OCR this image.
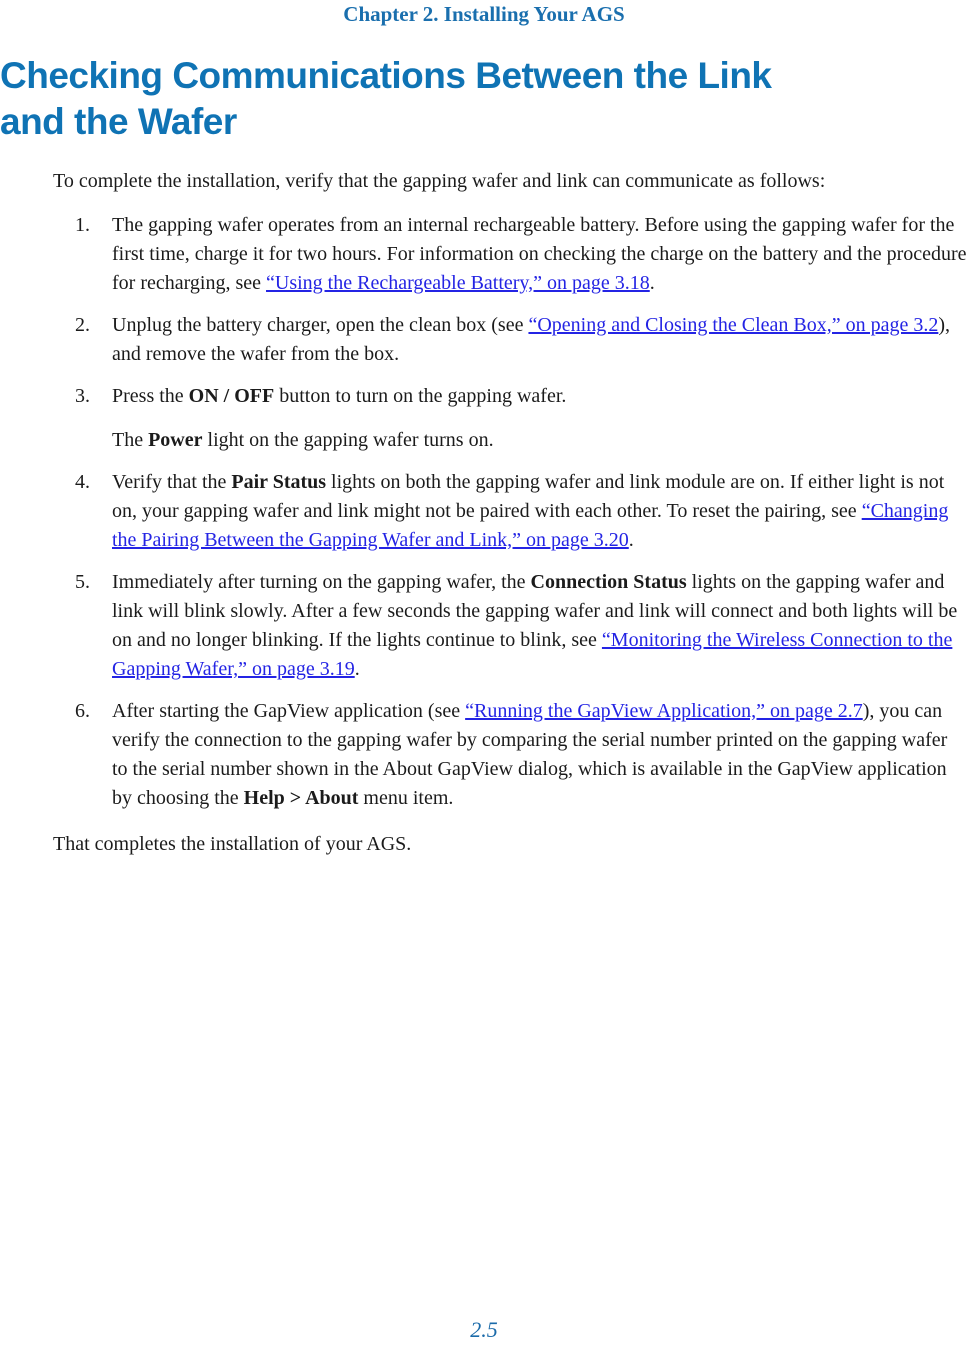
Chapter 2. Installing Your AGS
Checking Communications Between the Link
and the Wafer

To complete the installation, verify that the gapping wafer and link can communicate as follows:

1.	The gapping wafer operates from an internal rechargeable battery. Before using the gapping wafer for the first time, charge it for two hours. For information on checking the charge on the battery and the procedure for recharging, see “Using the Rechargeable Battery,” on page 3.18.

2.	Unplug the battery charger, open the clean box (see “Opening and Closing the Clean Box,” on page 3.2), and remove the wafer from the box.

3.	Press the ON / OFF button to turn on the gapping wafer.

The Power light on the gapping wafer turns on.

4.	Verify that the Pair Status lights on both the gapping wafer and link module are on. If either light is not on, your gapping wafer and link might not be paired with each other. To reset the pairing, see “Changing the Pairing Between the Gapping Wafer and Link,” on page 3.20.

5.	Immediately after turning on the gapping wafer, the Connection Status lights on the gapping wafer and link will blink slowly. After a few seconds the gapping wafer and link will connect and both lights will be on and no longer blinking. If the lights continue to blink, see “Monitoring the Wireless Connection to the Gapping Wafer,” on page 3.19.

6.	After starting the GapView application (see “Running the GapView Application,” on page 2.7), you can verify the connection to the gapping wafer by comparing the serial number printed on the gapping wafer to the serial number shown in the About GapView dialog, which is available in the GapView application by choosing the Help > About menu item.

That completes the installation of your AGS.

2.5
